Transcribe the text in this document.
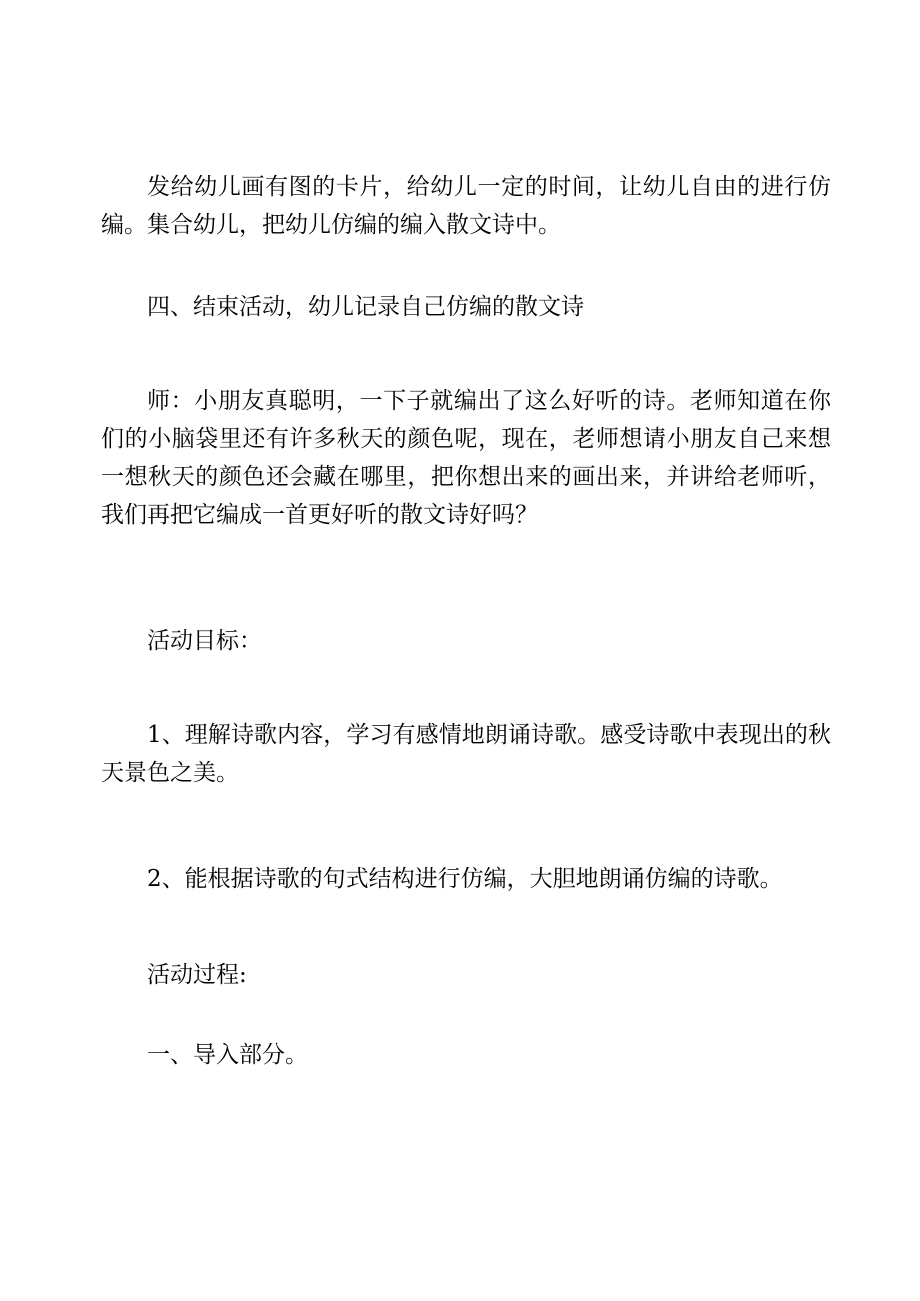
发给幼儿画有图的卡片，给幼儿一定的时间，让幼儿自由的进行仿编。集合幼儿，把幼儿仿编的编入散文诗中。

四、结束活动，幼儿记录自己仿编的散文诗

师：小朋友真聪明，一下子就编出了这么好听的诗。老师知道在你们的小脑袋里还有许多秋天的颜色呢，现在，老师想请小朋友自己来想一想秋天的颜色还会藏在哪里，把你想出来的画出来，并讲给老师听，我们再把它编成一首更好听的散文诗好吗？

活动目标：

1、理解诗歌内容，学习有感情地朗诵诗歌。感受诗歌中表现出的秋天景色之美。

2、能根据诗歌的句式结构进行仿编，大胆地朗诵仿编的诗歌。

活动过程:

一、导入部分。
